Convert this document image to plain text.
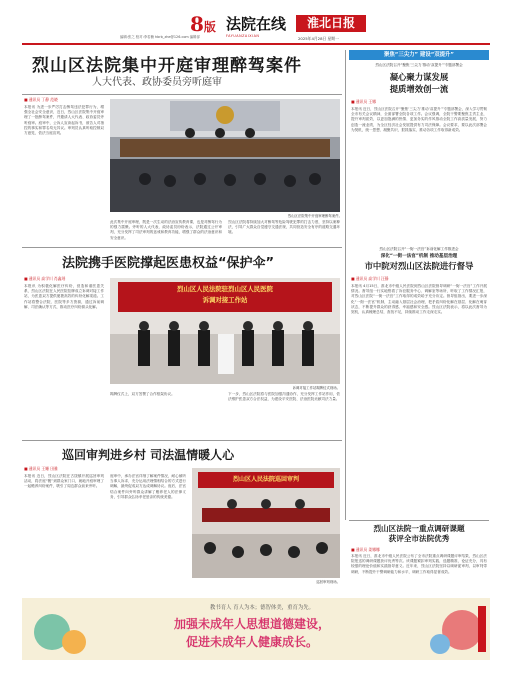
8版 法院在线
FAYUANZAIXIAN
淮北日报
编辑:张之 校对:李若楠 hbrb_zhe@126.com 编辑部	2025年4月28日 星期一
烈山区法院集中开庭审理醉驾案件
人大代表、政协委员旁听庭审
■ 通讯员 丁静 范晓
本报讯 为进一步严厉打击醉驾违法犯罪行为，增强全社会安全意识，近日，烈山区法院集中开庭审理了一批醉驾案件，并邀请人大代表、政协委员旁听庭审。庭审中，公诉人宣读起诉书，被告人对指控的事实和罪名均无异议。审判员认真听取控辩双方意见，依法当庭宣判。
烈山区法院集中开庭审理醉驾案件。
此次集中开庭审理，既是一次生动的法治宣传教育课，也是对醉驾行为的强力震慑。旁听的人大代表、政协委员纷纷表示，法院通过公开审判，充分发挥了司法审判的惩戒和教育功能，增强了群众的法治意识和安全意识。
烈山区法院将持续加大对醉驾等危险驾驶犯罪的打击力度，坚持以案释法，引导广大群众自觉遵守交通法规，共同营造安全有序的道路交通环境。
聚焦“三尖力” 建设“双提升”
烈山区法院召开“聚焦‘三尖力’推动‘双提升’”专题部署会
凝心聚力谋发展
提质增效创一流
■ 通讯员 王娜
本报讯 近日，烈山区法院召开“聚焦‘三尖力’推动‘双提升’”专题部署会，深入学习贯彻全市有关会议精神，全面部署全院各项工作。会议强调，全院干警要聚焦主责主业，提升审判质效，以更加饱满的热情、更加务实的作风推动全院工作高质量发展，努力创造一流业绩，为全区经济社会发展提供有力司法保障。会议要求，要以此次部署会为契机，统一思想、凝聚共识，狠抓落实，推动各项工作取得新成效。
法院携手医院撑起医患权益“保护伞”
■ 通讯员 高学川 肖鑫瑶
本报讯 为积极化解医疗纠纷，营造和谐医患关系，烈山区法院在人民医院挂牌成立诉调对接工作站，为医患双方提供便捷高效的纠纷化解渠道。工作站将整合法院、医院等多方资源，通过诉前调解、司法确认等方式，推动医疗纠纷源头化解。
烈山区人民法院驻烈山区人民医院
诉调对接工作站
诉调对接工作站揭牌仪式现场。
揭牌仪式上，双方签署了合作框架协议。	下一步，烈山区法院将与医院加强沟通协作，充分发挥工作站作用，依法维护医患双方合法权益，为建设平安医院、法治医院贡献司法力量。
烈山区法院召开“一街一法官”诉前化解工作推进会
深化“一街一法官”机制 推动基层治理
市中院对烈山区法院进行督导
■ 通讯员 高学川 汪静
本报讯 4月15日，淮北市中级人民法院到烈山区法院督导调研“一街一法官”工作开展情况。督导组一行实地察看了诉讼服务中心、调解室等场所，听取了工作情况汇报，对烈山区法院“一街一法官”工作取得的成效给予充分肯定。督导组指出，要进一步深化“一街一法官”机制，主动融入基层社会治理，把矛盾纠纷化解在基层、化解在萌芽状态，不断提升群众的获得感、幸福感和安全感。烈山区法院表示，将以此次督导为契机，认真梳理总结，查找不足，持续推动工作走深走实。
巡回审判进乡村 司法温情暖人心
■ 通讯员 王姗 田雅
本报讯 近日，烈山区法院在古饶镇开展巡回审判活动，将法庭“搬”到群众家门口，就地开庭审理了一起赡养纠纷案件，吸引了周边群众前来旁听。
庭审中，承办法官详细了解案件情况，耐心倾听当事人诉求，充分运用法理情相结合的方式进行调解，最终促成双方达成调解协议。庭后，法官结合案件向旁听群众讲解了赡养老人的法律义务，引导群众弘扬孝老爱亲的传统美德。
烈山区人民法院巡回审判
巡回审判现场。
烈山区法院一重点调研课题
获评全市法院优秀
■ 通讯员 姜娜娜
本报讯 近日，淮北市中级人民法院公布了全市法院重点调研课题评审结果，烈山区法院报送的调研课题获评优秀等次。该课题紧扣审判实践，选题精准，论证充分，具有较强的理论价值和实践指导意义。近年来，烈山区法院坚持以调研促审判，以审判带调研，不断提升干警调研能力和水平，调研工作取得显著成效。
教书育人 育人为本；德智体美，重育为先。
加强未成年人思想道德建设，
促进未成年人健康成长。
